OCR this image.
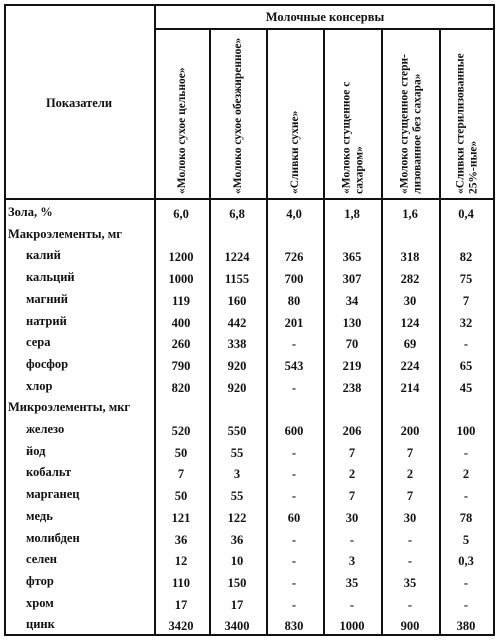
Молочные консервы
Показатели	«Молоко сухое цельное»	«Молоко сухое обезжиренное»	«Сливки сухие»	«Молоко сгущенное с сахаром»	«Молоко сгущенное стери-лизованное без сахара»	«Сливки стерилизованные 25%-ные»
Зола, %	6,0	6,8	4,0	1,8	1,6	0,4
Макроэлементы, мг
калий	1200	1224	726	365	318	82
кальций	1000	1155	700	307	282	75
магний	119	160	80	34	30	7
натрий	400	442	201	130	124	32
сера	260	338	-	70	69	-
фосфор	790	920	543	219	224	65
хлор	820	920	-	238	214	45
Микроэлементы, мкг
железо	520	550	600	206	200	100
йод	50	55	-	7	7	-
кобальт	7	3	-	2	2	2
марганец	50	55	-	7	7	-
медь	121	122	60	30	30	78
молибден	36	36	-	-	-	5
селен	12	10	-	3	-	0,3
фтор	110	150	-	35	35	-
хром	17	17	-	-	-	-
цинк	3420	3400	830	1000	900	380
